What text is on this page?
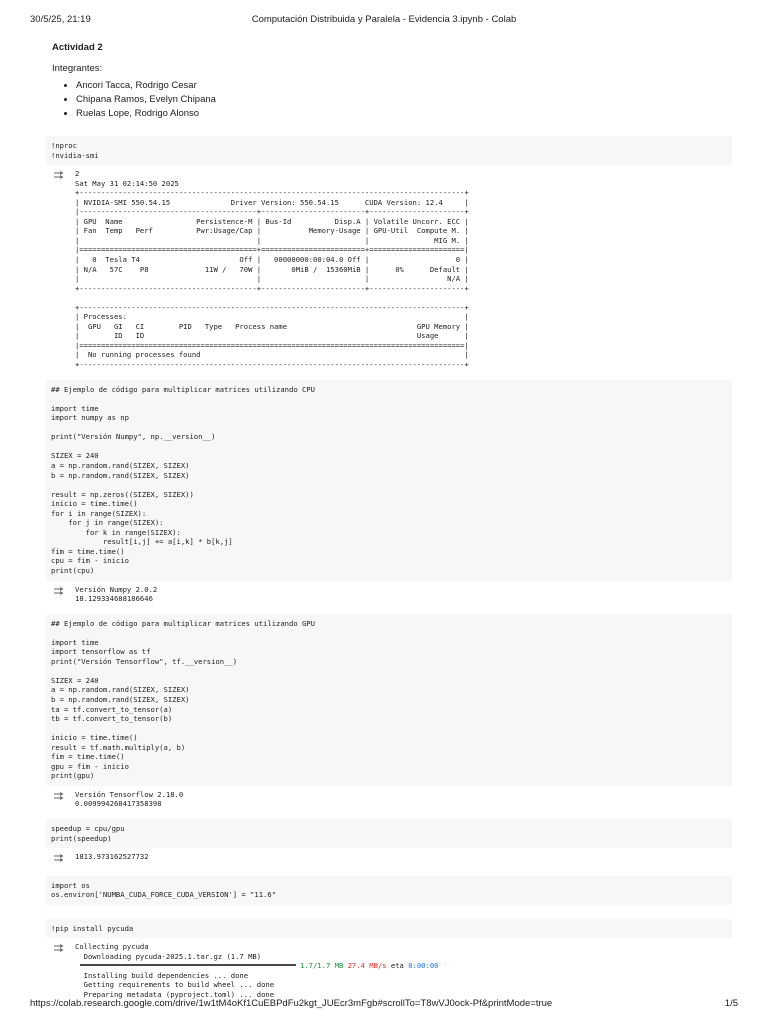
30/5/25, 21:19	Computación Distribuida y Paralela - Evidencia 3.ipynb - Colab
Actividad 2

Integrantes:

• Ancori Tacca, Rodrigo Cesar
• Chipana Ramos, Evelyn Chipana
• Ruelas Lope, Rodrigo Alonso
!nproc
!nvidia-smi
2
Sat May 31 02:14:50 2025
+-----------------------------------------------------------------------------------------+
| NVIDIA-SMI 550.54.15              Driver Version: 550.54.15      CUDA Version: 12.4     |
|-----------------------------------------+------------------------+----------------------+
| GPU  Name                 Persistence-M | Bus-Id          Disp.A | Volatile Uncorr. ECC |
| Fan  Temp   Perf          Pwr:Usage/Cap |           Memory-Usage | GPU-Util  Compute M. |
|                                         |                        |               MIG M. |
|=========================================+========================+======================|
|   0  Tesla T4                       Off |   00000000:00:04.0 Off |                    0 |
| N/A   57C    P8             11W /   70W |       0MiB /  15360MiB |      0%      Default |
|                                         |                        |                  N/A |
+-----------------------------------------+------------------------+----------------------+

+-----------------------------------------------------------------------------------------+
| Processes:                                                                              |
|  GPU   GI   CI        PID   Type   Process name                              GPU Memory |
|        ID   ID                                                               Usage      |
|=========================================================================================|
|  No running processes found                                                             |
+-----------------------------------------------------------------------------------------+
## Ejemplo de código para multiplicar matrices utilizando CPU

import time
import numpy as np

print("Versión Numpy", np.__version__)

SIZEX = 240
a = np.random.rand(SIZEX, SIZEX)
b = np.random.rand(SIZEX, SIZEX)

result = np.zeros((SIZEX, SIZEX))
inicio = time.time()
for i in range(SIZEX):
for j in range(SIZEX):
for k in range(SIZEX):
result[i,j] += a[i,k] * b[k,j]
fim = time.time()
cpu = fim - inicio
print(cpu)
Versión Numpy 2.0.2
18.129334688186646
## Ejemplo de código para multiplicar matrices utilizando GPU

import time
import tensorflow as tf
print("Versión Tensorflow", tf.__version__)

SIZEX = 240
a = np.random.rand(SIZEX, SIZEX)
b = np.random.rand(SIZEX, SIZEX)
ta = tf.convert_to_tensor(a)
tb = tf.convert_to_tensor(b)

inicio = time.time()
result = tf.math.multiply(a, b)
fim = time.time()
gpu = fim - inicio
print(gpu)
Versión Tensorflow 2.18.0
0.009994268417358398
speedup = cpu/gpu
print(speedup)
1813.973162527732
import os
os.environ['NUMBA_CUDA_FORCE_CUDA_VERSION'] = "11.6"
!pip install pycuda
Collecting pycuda
Downloading pycuda-2025.1.tar.gz (1.7 MB)
1.7/1.7 MB 27.4 MB/s eta 0:00:00
Installing build dependencies ... done
Getting requirements to build wheel ... done
Preparing metadata (pyproject.toml) ... done
https://colab.research.google.com/drive/1w1tM4oKf1CuEBPdFu2kgt_JUEcr3mFgb#scrollTo=T8wVJ0ock-Pf&printMode=true	1/5
